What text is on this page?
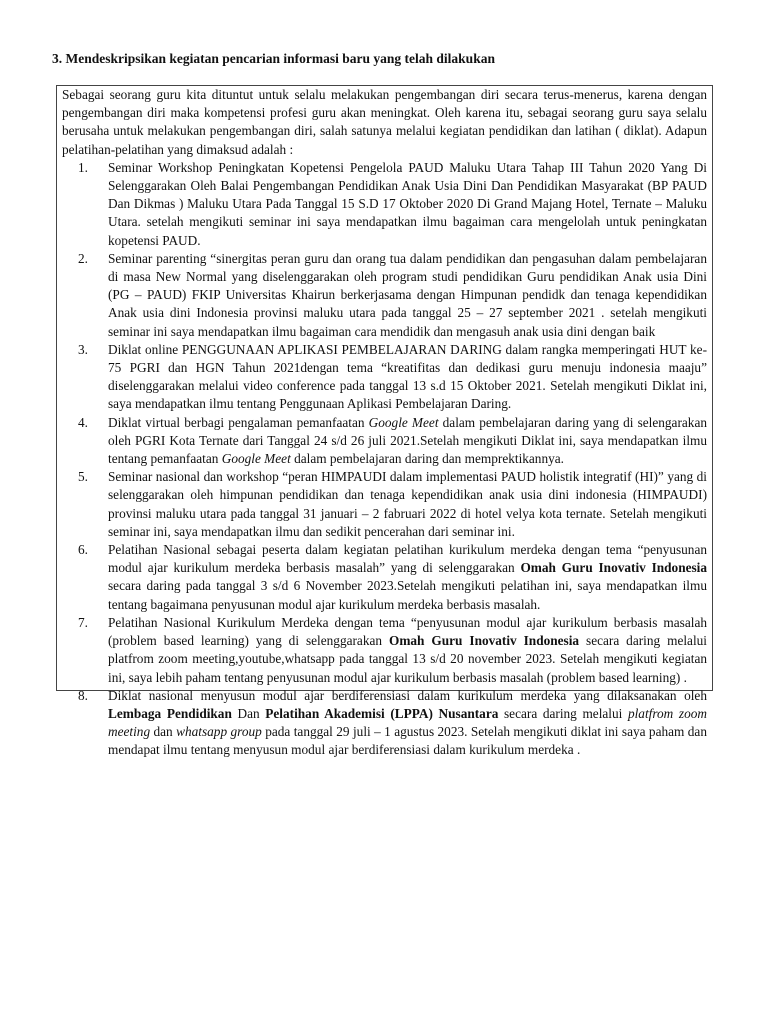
3. Mendeskripsikan kegiatan pencarian informasi baru yang telah dilakukan

Sebagai seorang guru kita dituntut untuk selalu melakukan pengembangan diri secara terus-menerus, karena dengan pengembangan diri maka kompetensi profesi guru akan meningkat. Oleh karena itu, sebagai seorang guru saya selalu berusaha untuk melakukan pengembangan diri, salah satunya melalui kegiatan pendidikan dan latihan ( diklat). Adapun pelatihan-pelatihan yang dimaksud adalah :

1.	Seminar Workshop Peningkatan Kopetensi Pengelola PAUD Maluku Utara Tahap III Tahun 2020 Yang Di Selenggarakan Oleh Balai Pengembangan Pendidikan Anak Usia Dini Dan Pendidikan Masyarakat (BP PAUD Dan Dikmas ) Maluku Utara Pada Tanggal 15 S.D 17 Oktober 2020 Di Grand Majang Hotel, Ternate – Maluku Utara. setelah mengikuti seminar ini saya mendapatkan ilmu bagaiman cara mengelolah untuk peningkatan kopetensi PAUD.
2.	Seminar parenting “sinergitas peran guru dan orang tua dalam pendidikan dan pengasuhan dalam pembelajaran di masa New Normal yang diselenggarakan oleh program studi pendidikan Guru pendidikan Anak usia Dini (PG – PAUD) FKIP Universitas Khairun berkerjasama dengan Himpunan pendidk dan tenaga kependidikan Anak usia dini Indonesia provinsi maluku utara pada tanggal 25 – 27 september 2021 . setelah mengikuti seminar ini saya mendapatkan ilmu bagaiman cara mendidik dan mengasuh anak usia dini dengan baik
3.	Diklat online PENGGUNAAN APLIKASI PEMBELAJARAN DARING dalam rangka memperingati HUT ke-75 PGRI dan HGN Tahun 2021dengan tema “kreatifitas dan dedikasi guru menuju indonesia maaju” diselenggarakan melalui video conference pada tanggal 13 s.d 15 Oktober 2021. Setelah mengikuti Diklat ini, saya mendapatkan ilmu tentang Penggunaan Aplikasi Pembelajaran Daring.
4.	Diklat virtual berbagi pengalaman pemanfaatan Google Meet dalam pembelajaran daring yang di selengarakan oleh PGRI Kota Ternate dari Tanggal 24 s/d 26 juli 2021.Setelah mengikuti Diklat ini, saya mendapatkan ilmu tentang pemanfaatan Google Meet dalam pembelajaran daring dan memprektikannya.
5.	Seminar nasional dan workshop “peran HIMPAUDI dalam implementasi PAUD holistik integratif (HI)” yang di selenggarakan oleh himpunan pendidikan dan tenaga kependidikan anak usia dini indonesia (HIMPAUDI) provinsi maluku utara pada tanggal 31 januari – 2 fabruari 2022 di hotel velya kota ternate. Setelah mengikuti seminar ini, saya mendapatkan ilmu dan sedikit pencerahan dari seminar ini.
6.	Pelatihan Nasional sebagai peserta dalam kegiatan pelatihan kurikulum merdeka dengan tema “penyusunan modul ajar kurikulum merdeka berbasis masalah” yang di selenggarakan Omah Guru Inovativ Indonesia secara daring pada tanggal 3 s/d 6 November 2023.Setelah mengikuti pelatihan ini, saya mendapatkan ilmu tentang bagaimana penyusunan modul ajar kurikulum merdeka berbasis masalah.
7.	Pelatihan Nasional Kurikulum Merdeka dengan tema “penyusunan modul ajar kurikulum berbasis masalah (problem based learning) yang di selenggarakan Omah Guru Inovativ Indonesia secara daring melalui platfrom zoom meeting,youtube,whatsapp pada tanggal 13 s/d 20 november 2023. Setelah mengikuti kegiatan ini, saya lebih paham tentang penyusunan modul ajar kurikulum berbasis masalah (problem based learning) .
8.	Diklat nasional menyusun modul ajar berdiferensiasi dalam kurikulum merdeka yang dilaksanakan oleh Lembaga Pendidikan Dan Pelatihan Akademisi (LPPA) Nusantara secara daring melalui platfrom zoom meeting dan whatsapp group pada tanggal 29 juli – 1 agustus 2023. Setelah mengikuti diklat ini saya paham dan mendapat ilmu tentang menyusun modul ajar berdiferensiasi dalam kurikulum merdeka .
